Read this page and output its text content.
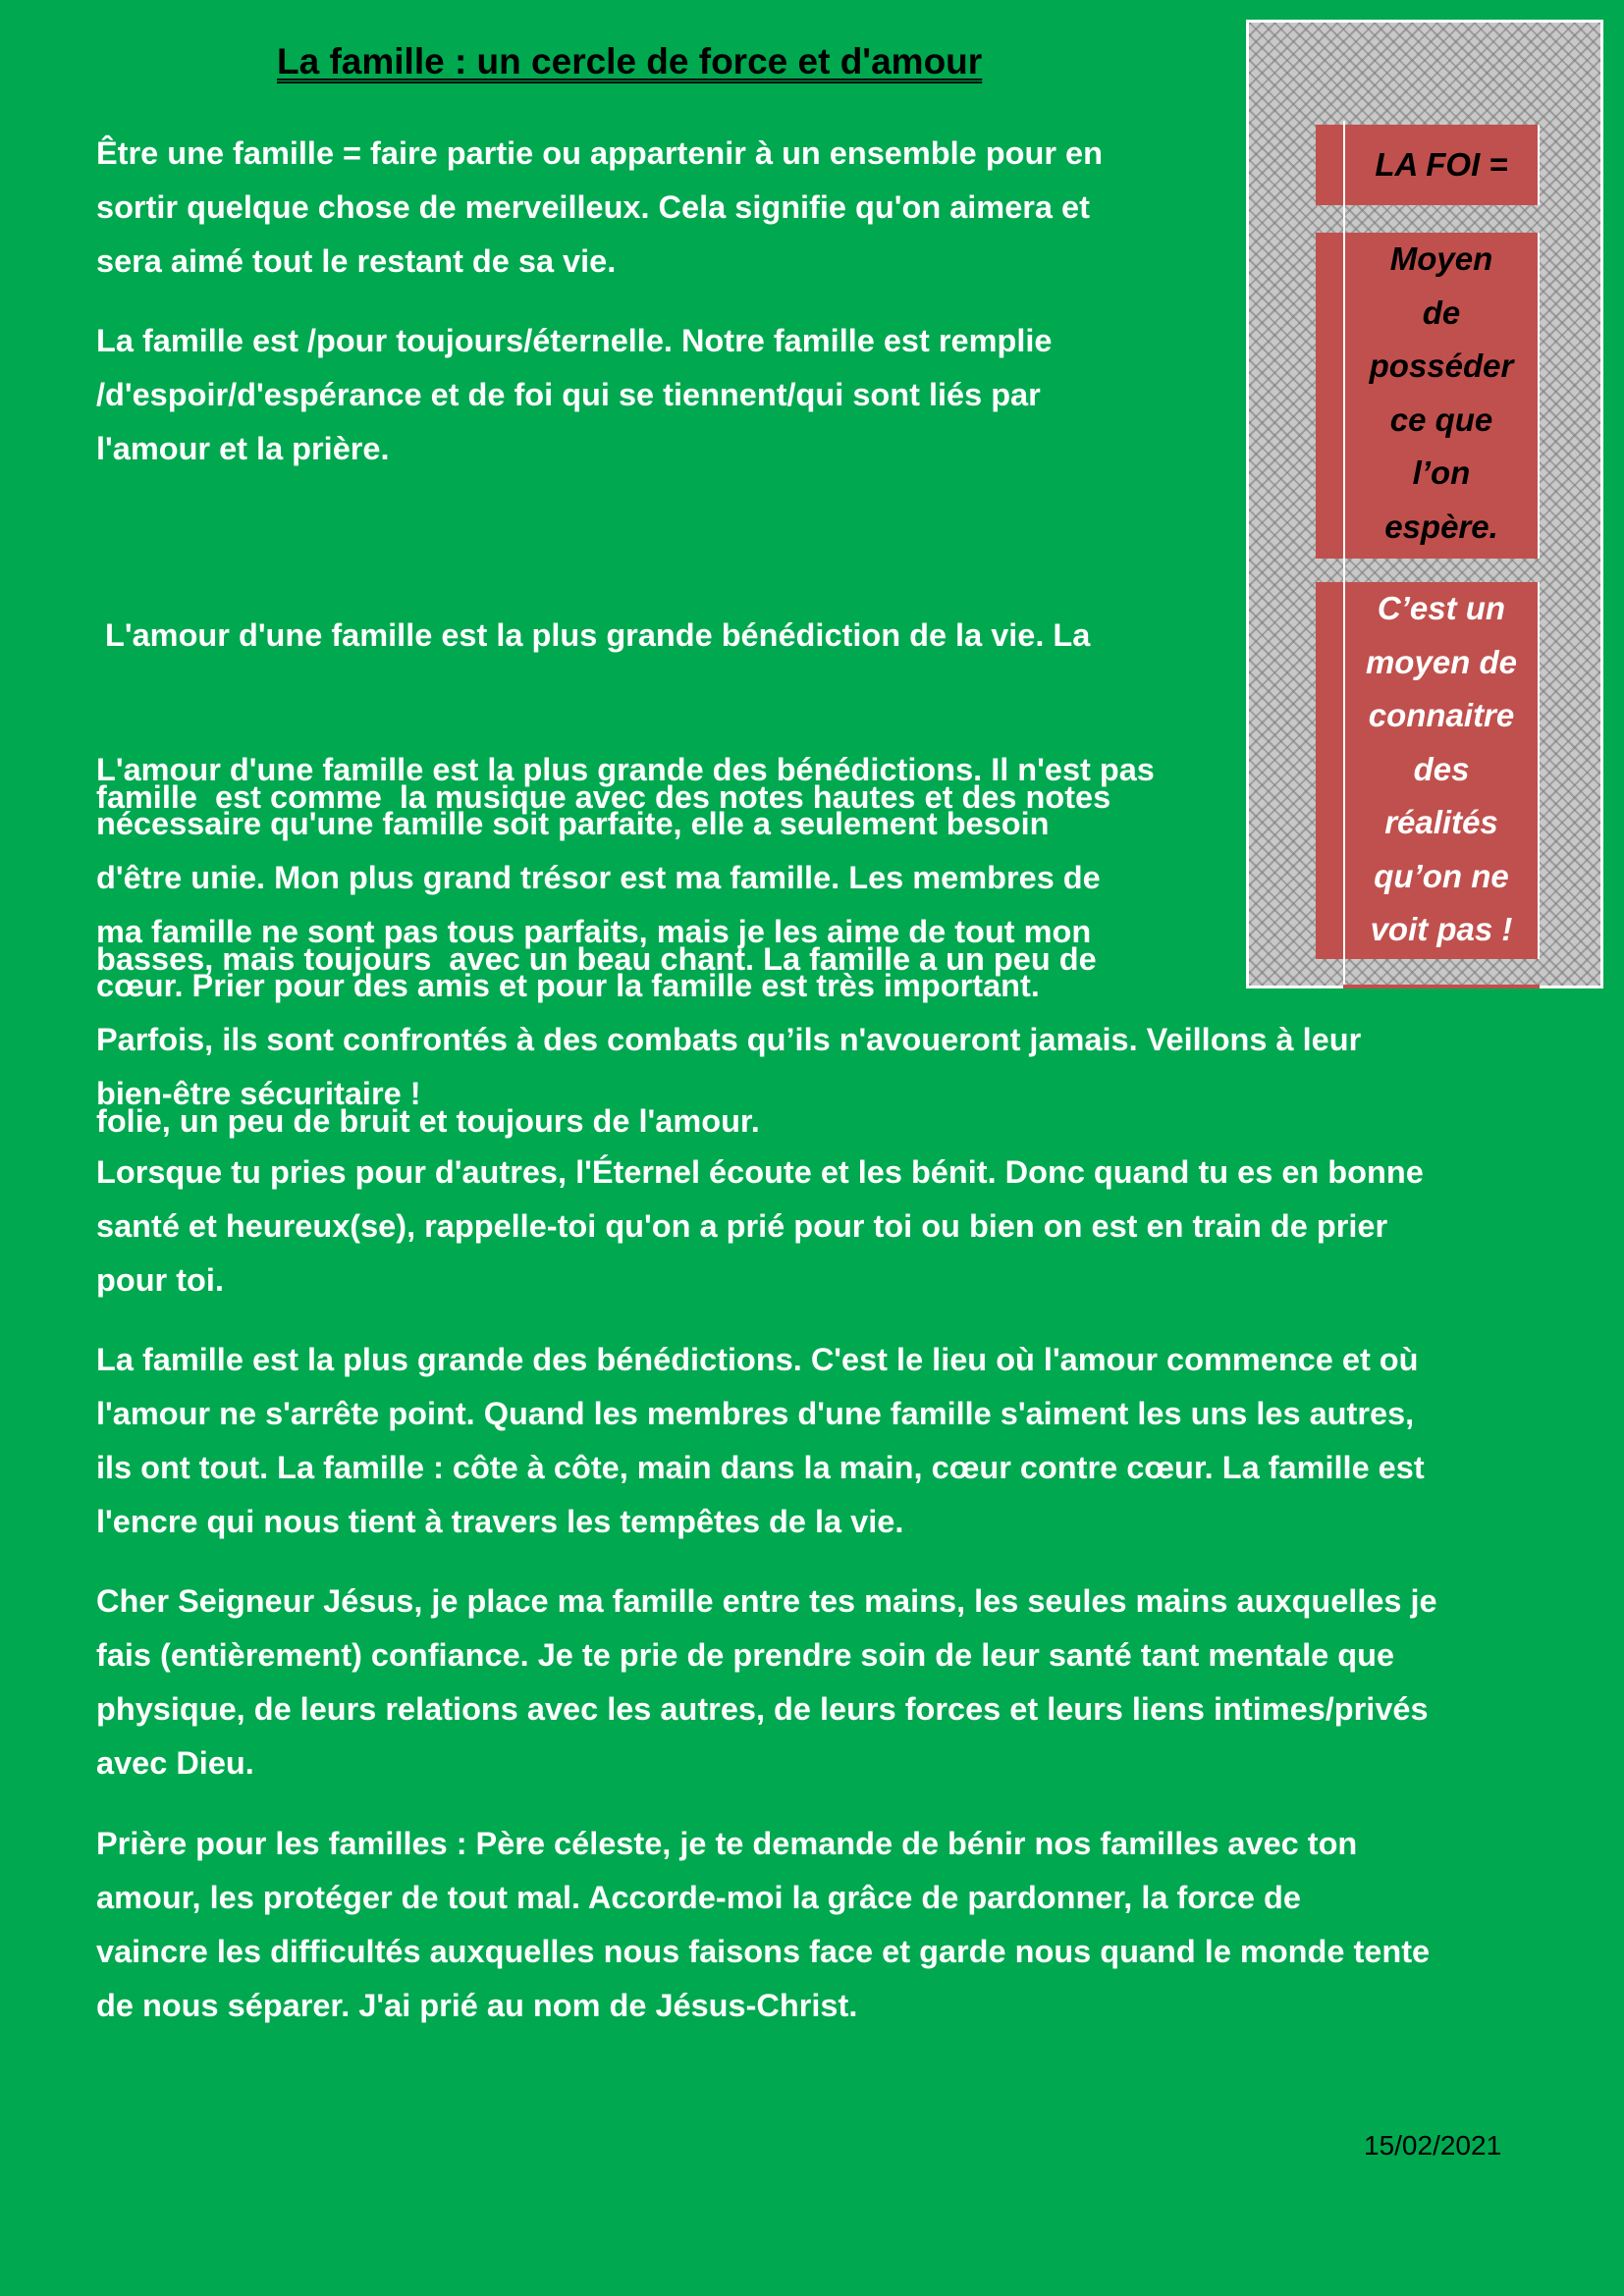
La famille : un cercle de force et d'amour

Être une famille = faire partie ou appartenir à un ensemble pour en
sortir quelque chose de merveilleux. Cela signifie qu'on aimera et
sera aimé tout le restant de sa vie.

La famille est /pour toujours/éternelle. Notre famille est remplie
/d'espoir/d'espérance et de foi qui se tiennent/qui sont liés par
l'amour et la prière.

L'amour d'une famille est la plus grande bénédiction de la vie. La

famille  est comme  la musique avec des notes hautes et des notes

basses, mais toujours  avec un beau chant. La famille a un peu de

folie, un peu de bruit et toujours de l'amour.

L'amour d'une famille est la plus grande des bénédictions. Il n'est pas
nécessaire qu'une famille soit parfaite, elle a seulement besoin
d'être unie. Mon plus grand trésor est ma famille. Les membres de
ma famille ne sont pas tous parfaits, mais je les aime de tout mon
cœur. Prier pour des amis et pour la famille est très important.
Parfois, ils sont confrontés à des combats qu’ils n'avoueront jamais. Veillons à leur
bien-être sécuritaire !

Lorsque tu pries pour d'autres, l'Éternel écoute et les bénit. Donc quand tu es en bonne
santé et heureux(se), rappelle-toi qu'on a prié pour toi ou bien on est en train de prier
pour toi.

La famille est la plus grande des bénédictions. C'est le lieu où l'amour commence et où
l'amour ne s'arrête point. Quand les membres d'une famille s'aiment les uns les autres,
ils ont tout. La famille : côte à côte, main dans la main, cœur contre cœur. La famille est
l'encre qui nous tient à travers les tempêtes de la vie.

Cher Seigneur Jésus, je place ma famille entre tes mains, les seules mains auxquelles je
fais (entièrement) confiance. Je te prie de prendre soin de leur santé tant mentale que
physique, de leurs relations avec les autres, de leurs forces et leurs liens intimes/privés
avec Dieu.

Prière pour les familles : Père céleste, je te demande de bénir nos familles avec ton
amour, les protéger de tout mal. Accorde-moi la grâce de pardonner, la force de
vaincre les difficultés auxquelles nous faisons face et garde nous quand le monde tente
de nous séparer. J'ai prié au nom de Jésus-Christ.

LA FOI =
Moyen
de
posséder
ce que
l’on
espère.
C’est un
moyen de
connaitre
des
réalités
qu’on ne
voit pas !
15/02/2021
